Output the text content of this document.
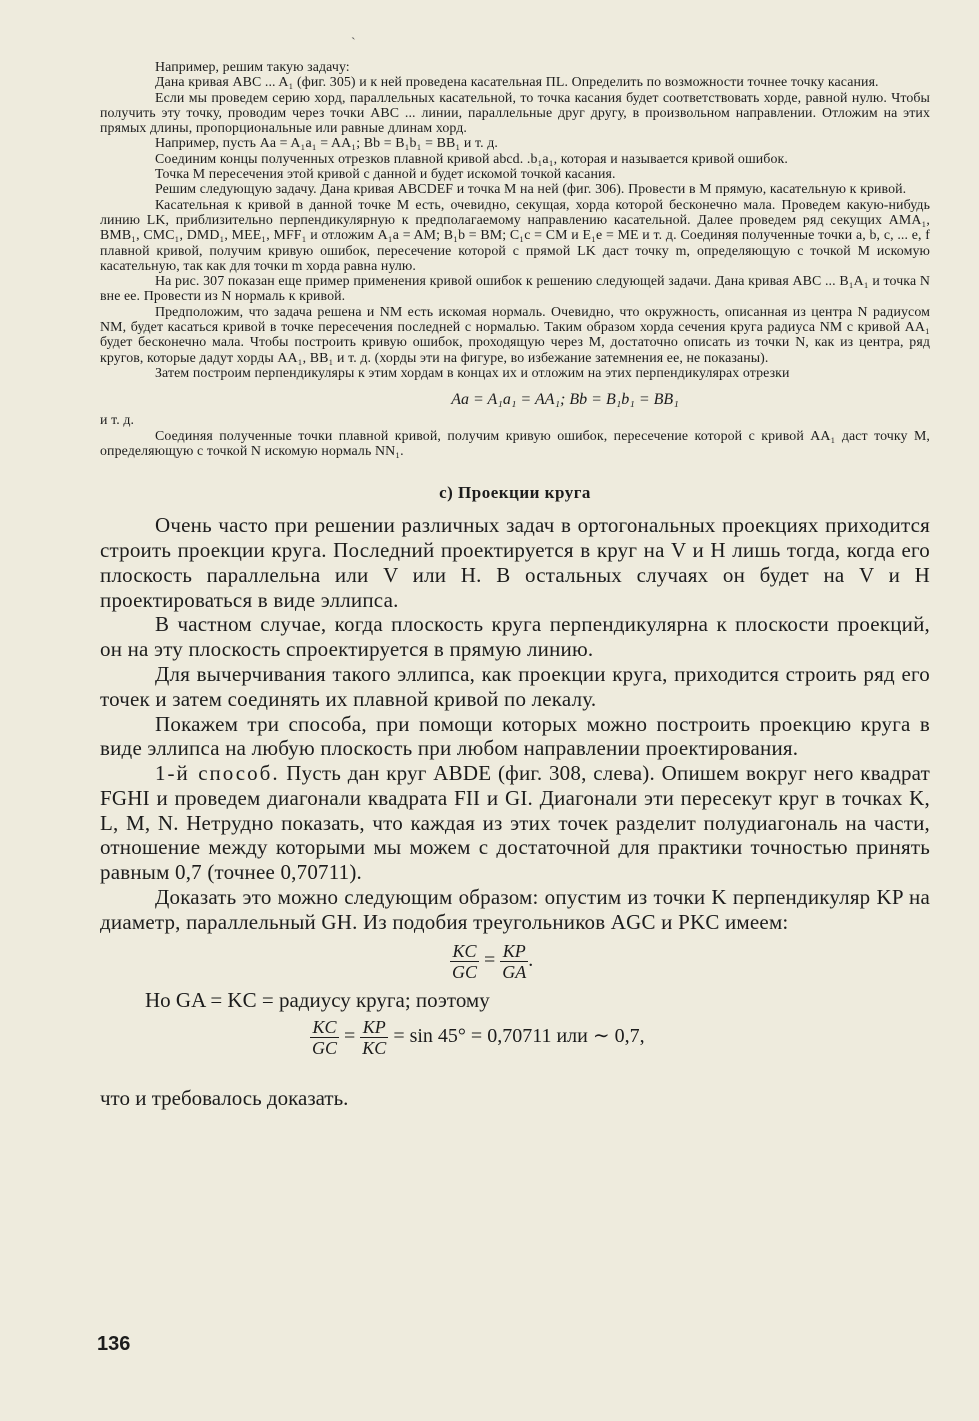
ˋ

Например, решим такую задачу:

Дана кривая ABC ... A₁ (фиг. 305) и к ней проведена касательная ПL. Определить по возможности точнее точку касания.

Если мы проведем серию хорд, параллельных касательной, то точка касания будет соответствовать хорде, равной нулю. Чтобы получить эту точку, проводим через точки ABC ... линии, параллельные друг другу, в произвольном направлении. Отложим на этих прямых длины, пропорциональные или равные длинам хорд.

Например, пусть Aa = A₁a₁ = AA₁; Bb = B₁b₁ = BB₁ и т. д.

Соединим концы полученных отрезков плавной кривой abcd. .b₁a₁, которая и называется кривой ошибок.

Точка M пересечения этой кривой с данной и будет искомой точкой касания.

Решим следующую задачу. Дана кривая ABCDEF и точка M на ней (фиг. 306). Провести в M прямую, касательную к кривой.

Касательная к кривой в данной точке M есть, очевидно, секущая, хорда которой бесконечно мала. Проведем какую-нибудь линию LK, приблизительно перпендикулярную к предполагаемому направлению касательной. Далее проведем ряд секущих AMA₁, BMB₁, CMC₁, DMD₁, MEE₁, MFF₁ и отложим A₁a = AM; B₁b = BM; C₁c = CM и E₁e = ME и т. д. Соединяя полученные точки a, b, c, ... e, f плавной кривой, получим кривую ошибок, пересечение которой с прямой LK даст точку m, определяющую с точкой M искомую касательную, так как для точки m хорда равна нулю.

На рис. 307 показан еще пример применения кривой ошибок к решению следующей задачи. Дана кривая ABC ... B₁A₁ и точка N вне ее. Провести из N нормаль к кривой.

Предположим, что задача решена и NM есть искомая нормаль. Очевидно, что окружность, описанная из центра N радиусом NM, будет касаться кривой в точке пересечения последней с нормалью. Таким образом хорда сечения круга радиуса NM с кривой AA₁ будет бесконечно мала. Чтобы построить кривую ошибок, проходящую через M, достаточно описать из точки N, как из центра, ряд кругов, которые дадут хорды AA₁, BB₁ и т. д. (хорды эти на фигуре, во избежание затемнения ее, не показаны).

Затем построим перпендикуляры к этим хордам в концах их и отложим на этих перпендикулярах отрезки

Aa = A₁a₁ = AA₁; Bb = B₁b₁ = BB₁

и т. д.

Соединяя полученные точки плавной кривой, получим кривую ошибок, пересечение которой с кривой AA₁ даст точку M, определяющую с точкой N искомую нормаль NN₁.

с) Проекции круга

Очень часто при решении различных задач в ортогональных проекциях приходится строить проекции круга. Последний проектируется в круг на V и H лишь тогда, когда его плоскость параллельна или V или H. В остальных случаях он будет на V и H проектироваться в виде эллипса.

В частном случае, когда плоскость круга перпендикулярна к плоскости проекций, он на эту плоскость спроектируется в прямую линию.

Для вычерчивания такого эллипса, как проекции круга, приходится строить ряд его точек и затем соединять их плавной кривой по лекалу.

Покажем три способа, при помощи которых можно построить проекцию круга в виде эллипса на любую плоскость при любом направлении проектирования.

1-й способ. Пусть дан круг ABDE (фиг. 308, слева). Опишем вокруг него квадрат FGHI и проведем диагонали квадрата FII и GI. Диагонали эти пересекут круг в точках K, L, M, N. Нетрудно показать, что каждая из этих точек разделит полудиагональ на части, отношение между которыми мы можем с достаточной для практики точностью принять равным 0,7 (точнее 0,70711).

Доказать это можно следующим образом: опустим из точки K перпендикуляр KP на диаметр, параллельный GH. Из подобия треугольников AGC и PKC имеем:

$\frac{KC}{GC} = \frac{KP}{GA}$ .
Но GA = KC = радиусу круга; поэтому
$\frac{KC}{GC} = \frac{KP}{KC} = \sin 45^\circ = 0,70711$ или ∼ 0,7,
что и требовалось доказать.
136
